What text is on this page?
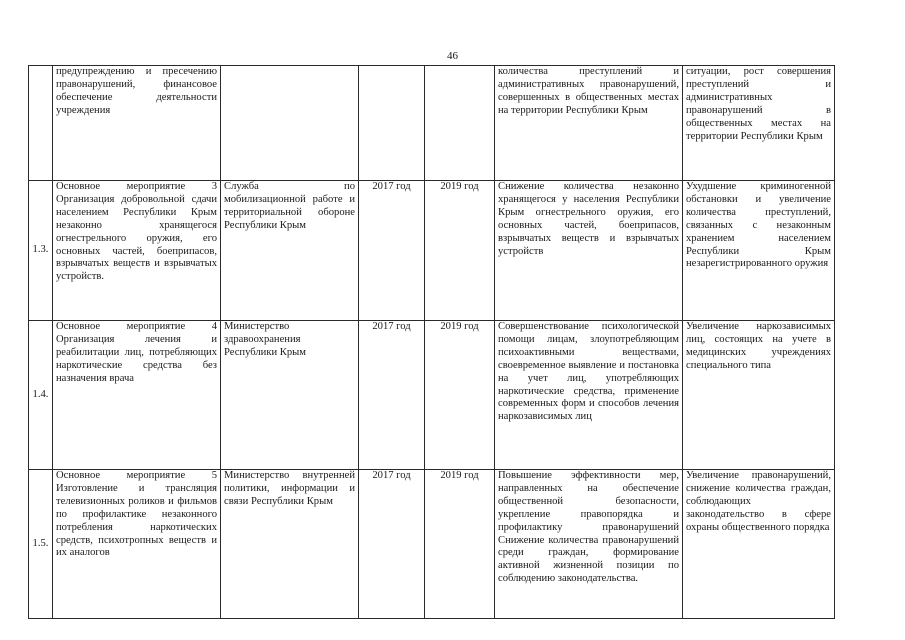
46
	предупреждению и пресечению правонарушений, финансовое обеспечение деятельности учреждения				количества преступлений и административных правонарушений, совершенных в общественных местах на территории Республики Крым	ситуации, рост совершения преступлений и административных правонарушений в общественных местах на территории Республики Крым
1.3.	Основное мероприятие 3 Организация добровольной сдачи населением Республики Крым незаконно хранящегося огнестрельного оружия, его основных частей, боеприпасов, взрывчатых веществ и взрывчатых устройств.	Служба по мобилизационной работе и территориальной обороне Республики Крым	2017 год	2019 год	Снижение количества незаконно хранящегося у населения Республики Крым огнестрельного оружия, его основных частей, боеприпасов, взрывчатых веществ и взрывчатых устройств	Ухудшение криминогенной обстановки и увеличение количества преступлений, связанных с незаконным хранением населением Республики Крым незарегистрированного оружия
1.4.	Основное мероприятие 4 Организация лечения и реабилитации лиц, потребляющих наркотические средства без назначения врача	Министерство здравоохранения Республики Крым	2017 год	2019 год	Совершенствование психологической помощи лицам, злоупотребляющим психоактивными веществами, своевременное выявление и постановка на учет лиц, употребляющих наркотические средства, применение современных форм и способов лечения наркозависимых лиц	Увеличение наркозависимых лиц, состоящих на учете в медицинских учреждениях специального типа
1.5.	Основное мероприятие 5 Изготовление и трансляция телевизионных роликов и фильмов по профилактике незаконного потребления наркотических средств, психотропных веществ и их аналогов	Министерство внутренней политики, информации и связи Республики Крым	2017 год	2019 год	Повышение эффективности мер, направленных на обеспечение общественной безопасности, укрепление правопорядка и профилактику правонарушений Снижение количества правонарушений среди граждан, формирование активной жизненной позиции по соблюдению законодательства.	Увеличение правонарушений, снижение количества граждан, соблюдающих законодательство в сфере охраны общественного порядка
